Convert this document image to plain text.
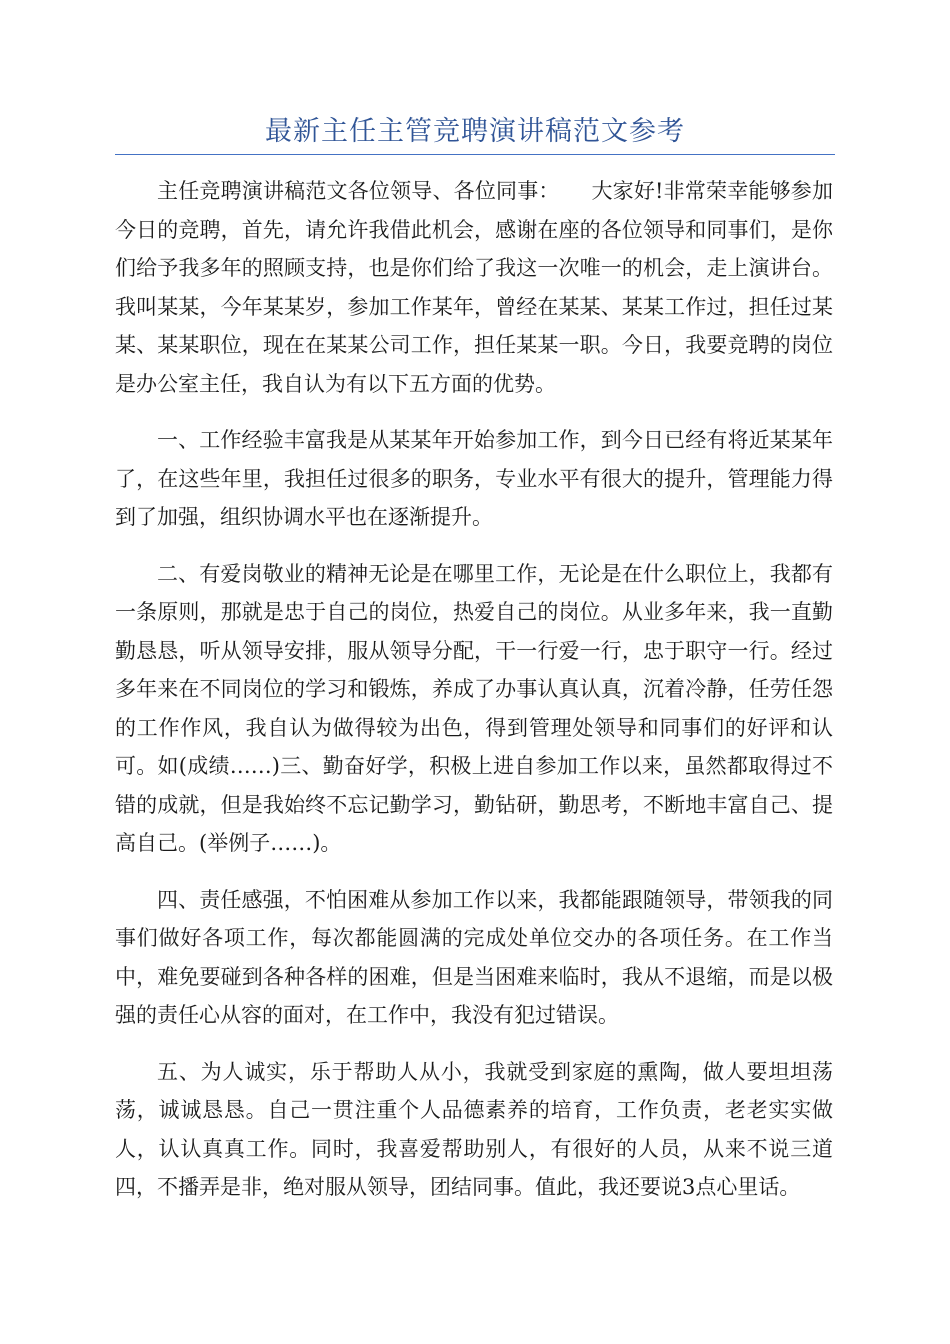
最新主任主管竞聘演讲稿范文参考

主任竞聘演讲稿范文各位领导、各位同事：　　大家好!非常荣幸能够参加今日的竞聘，首先，请允许我借此机会，感谢在座的各位领导和同事们，是你们给予我多年的照顾支持，也是你们给了我这一次唯一的机会，走上演讲台。我叫某某，今年某某岁，参加工作某年，曾经在某某、某某工作过，担任过某某、某某职位，现在在某某公司工作，担任某某一职。今日，我要竞聘的岗位是办公室主任，我自认为有以下五方面的优势。

一、工作经验丰富我是从某某年开始参加工作，到今日已经有将近某某年了，在这些年里，我担任过很多的职务，专业水平有很大的提升，管理能力得到了加强，组织协调水平也在逐渐提升。

二、有爱岗敬业的精神无论是在哪里工作，无论是在什么职位上，我都有一条原则，那就是忠于自己的岗位，热爱自己的岗位。从业多年来，我一直勤勤恳恳，听从领导安排，服从领导分配，干一行爱一行，忠于职守一行。经过多年来在不同岗位的学习和锻炼，养成了办事认真认真，沉着冷静，任劳任怨的工作作风，我自认为做得较为出色，得到管理处领导和同事们的好评和认可。如(成绩……)三、勤奋好学，积极上进自参加工作以来，虽然都取得过不错的成就，但是我始终不忘记勤学习，勤钻研，勤思考，不断地丰富自己、提高自己。(举例子……)。

四、责任感强，不怕困难从参加工作以来，我都能跟随领导，带领我的同事们做好各项工作，每次都能圆满的完成处单位交办的各项任务。在工作当中，难免要碰到各种各样的困难，但是当困难来临时，我从不退缩，而是以极强的责任心从容的面对，在工作中，我没有犯过错误。

五、为人诚实，乐于帮助人从小，我就受到家庭的熏陶，做人要坦坦荡荡，诚诚恳恳。自己一贯注重个人品德素养的培育，工作负责，老老实实做人，认认真真工作。同时，我喜爱帮助别人，有很好的人员，从来不说三道四，不播弄是非，绝对服从领导，团结同事。值此，我还要说3点心里话。
